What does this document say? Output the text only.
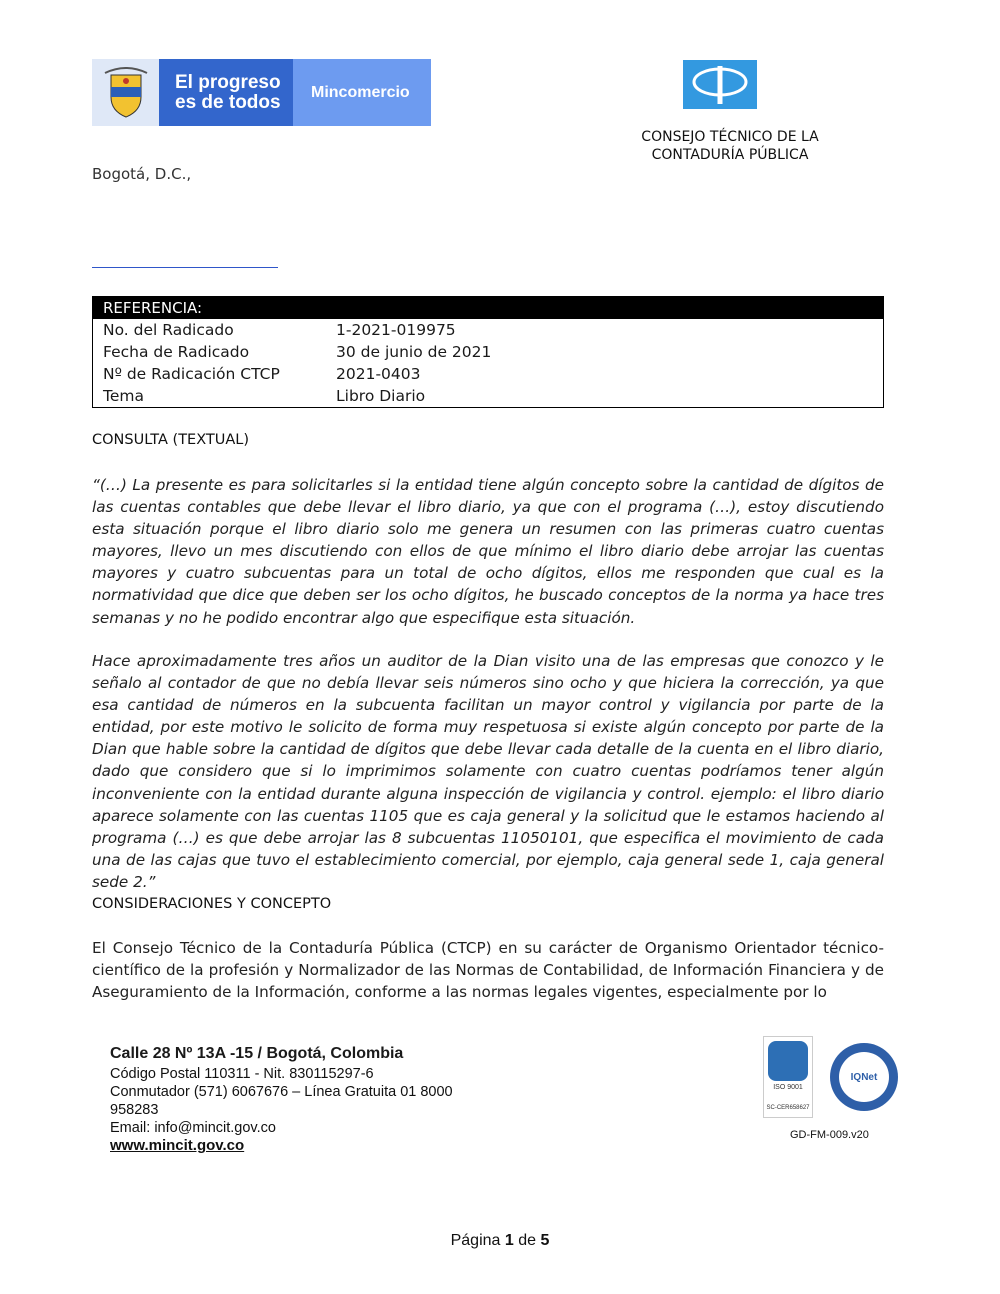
El progreso
es de todos	Mincomercio
CONSEJO TÉCNICO DE LA
CONTADURÍA PÚBLICA
Bogotá, D.C.,
REFERENCIA:
No. del Radicado	1-2021-019975
Fecha de Radicado	30 de junio de 2021
Nº de Radicación CTCP	2021-0403
Tema	Libro Diario
CONSULTA (TEXTUAL)
“(…) La presente es para solicitarles si la entidad tiene algún concepto sobre la cantidad de dígitos de las cuentas contables que debe llevar el libro diario, ya que con el programa (…), estoy discutiendo esta situación porque el libro diario solo me genera un resumen con las primeras cuatro cuentas mayores, llevo un mes discutiendo con ellos de que mínimo el libro diario debe arrojar las cuentas mayores y cuatro subcuentas para un total de ocho dígitos, ellos me responden que cual es la normatividad que dice que deben ser los ocho dígitos, he buscado conceptos de la norma ya hace tres semanas y no he podido encontrar algo que especifique esta situación.
Hace aproximadamente tres años un auditor de la Dian visito una de las empresas que conozco y le señalo al contador de que no debía llevar seis números sino ocho y que hiciera la corrección, ya que esa cantidad de números en la subcuenta facilitan un mayor control y vigilancia por parte de la entidad, por este motivo le solicito de forma muy respetuosa si existe algún concepto por parte de la Dian que hable sobre la cantidad de dígitos que debe llevar cada detalle de la cuenta en el libro diario, dado que considero que si lo imprimimos solamente con cuatro cuentas podríamos tener algún inconveniente con la entidad durante alguna inspección de vigilancia y control. ejemplo: el libro diario aparece solamente con las cuentas 1105 que es caja general y la solicitud que le estamos haciendo al programa (…) es que debe arrojar las 8 subcuentas 11050101, que especifica el movimiento de cada una de las cajas que tuvo el establecimiento comercial, por ejemplo, caja general sede 1, caja general sede 2.”
CONSIDERACIONES Y CONCEPTO
El Consejo Técnico de la Contaduría Pública (CTCP) en su carácter de Organismo Orientador técnico-científico de la profesión y Normalizador de las Normas de Contabilidad, de Información Financiera y de Aseguramiento de la Información, conforme a las normas legales vigentes, especialmente por lo
Calle 28 Nº 13A -15 / Bogotá, Colombia
Código Postal 110311 - Nit. 830115297-6
Conmutador (571) 6067676 – Línea Gratuita 01 8000
958283
Email: info@mincit.gov.co
www.mincit.gov.co
ISO 9001
SC-CER658627
IQNet
GD-FM-009.v20
Página 1 de 5
